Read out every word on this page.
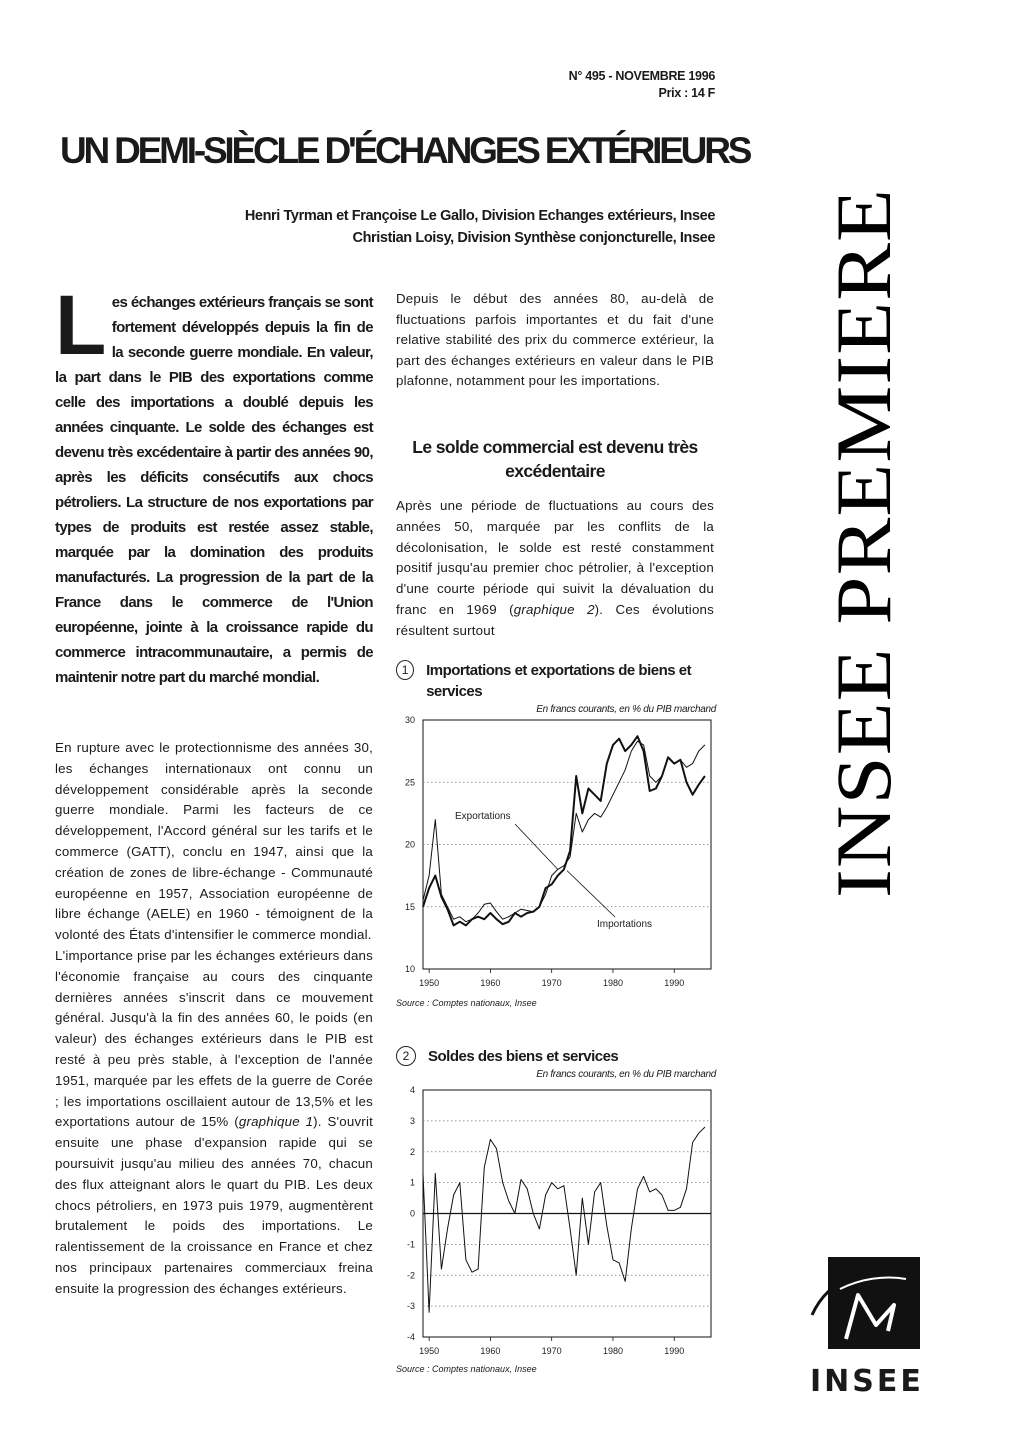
N° 495 - NOVEMBRE 1996
Prix : 14 F
UN DEMI-SIÈCLE D'ÉCHANGES EXTÉRIEURS
Henri Tyrman et Françoise Le Gallo, Division Echanges extérieurs, Insee
Christian Loisy, Division Synthèse conjoncturelle, Insee
Les échanges extérieurs français se sont fortement développés depuis la fin de la seconde guerre mondiale. En valeur, la part dans le PIB des exportations comme celle des importations a doublé depuis les années cinquante. Le solde des échanges est devenu très excédentaire à partir des années 90, après les déficits consécutifs aux chocs pétroliers. La structure de nos exportations par types de produits est restée assez stable, marquée par la domination des produits manufacturés. La progression de la part de la France dans le commerce de l'Union européenne, jointe à la croissance rapide du commerce intracommunautaire, a permis de maintenir notre part du marché mondial.

En rupture avec le protectionnisme des années 30, les échanges internationaux ont connu un développement considérable après la seconde guerre mondiale. Parmi les facteurs de ce développement, l'Accord général sur les tarifs et le commerce (GATT), conclu en 1947, ainsi que la création de zones de libre-échange - Communauté européenne en 1957, Association européenne de libre échange (AELE) en 1960 - témoignent de la volonté des États d'intensifier le commerce mondial.

L'importance prise par les échanges extérieurs dans l'économie française au cours des cinquante dernières années s'inscrit dans ce mouvement général. Jusqu'à la fin des années 60, le poids (en valeur) des échanges extérieurs dans le PIB est resté à peu près stable, à l'exception de l'année 1951, marquée par les effets de la guerre de Corée ; les importations oscillaient autour de 13,5% et les exportations autour de 15% (graphique 1). S'ouvrit ensuite une phase d'expansion rapide qui se poursuivit jusqu'au milieu des années 70, chacun des flux atteignant alors le quart du PIB. Les deux chocs pétroliers, en 1973 puis 1979, augmentèrent brutalement le poids des importations. Le ralentissement de la croissance en France et chez nos principaux partenaires commerciaux freina ensuite la progression des échanges extérieurs.

Depuis le début des années 80, au-delà de fluctuations parfois importantes et du fait d'une relative stabilité des prix du commerce extérieur, la part des échanges extérieurs en valeur dans le PIB plafonne, notamment pour les importations.
Le solde commercial est devenu très excédentaire
Après une période de fluctuations au cours des années 50, marquée par les conflits de la décolonisation, le solde est resté constamment positif jusqu'au premier choc pétrolier, à l'exception d'une courte période qui suivit la dévaluation du franc en 1969 (graphique 2). Ces évolutions résultent surtout
1	Importations et exportations de biens et services
En francs courants, en % du PIB marchand
10
15
20
25
30
1950	1960	1970	1980	1990
Exportations
Importations
Source : Comptes nationaux, Insee
2	Soldes des biens et services
En francs courants, en % du PIB marchand
4
3
2
1
0
-1
-2
-3
-4
1950	1960	1970	1980	1990
Source : Comptes nationaux, Insee
INSEE PREMIERE
INSEE
